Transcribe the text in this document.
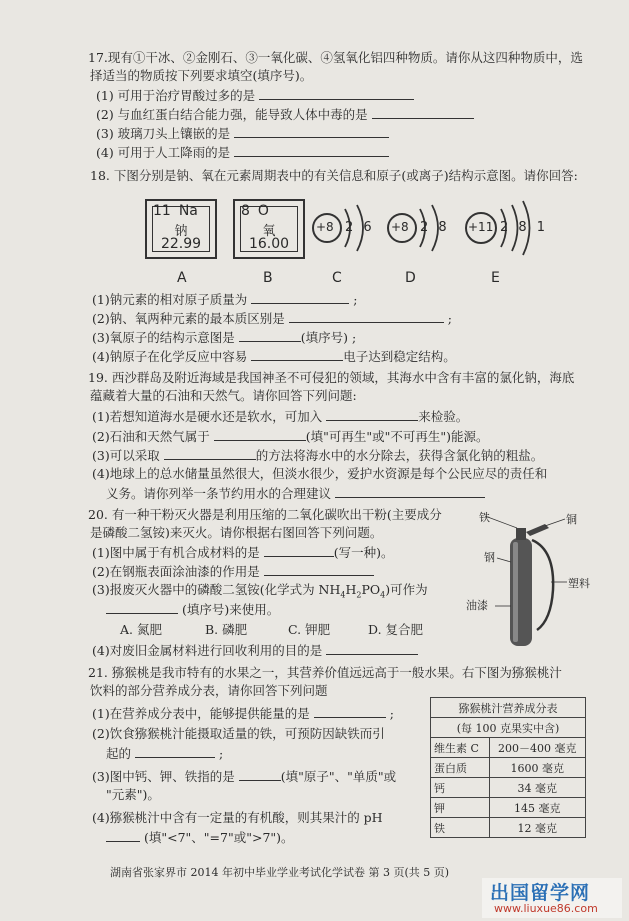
17.现有①干冰、②金刚石、③一氧化碳、④氢氧化铝四种物质。请你从这四种物质中，选
择适当的物质按下列要求填空(填序号)。
(1) 可用于治疗胃酸过多的是
(2) 与血红蛋白结合能力强，能导致人体中毒的是
(3) 玻璃刀头上镶嵌的是
(4) 可用于人工降雨的是
18. 下图分别是钠、氧在元素周期表中的有关信息和原子(或离子)结构示意图。请你回答:
11 Na
钠
22.99
8 O
氧
16.00
+8 2 6 +8 2 8 +11 2 8 1
A	B	C	D	E
(1)钠元素的相对原子质量为	;
(2)钠、氧两种元素的最本质区别是	;
(3)氧原子的结构示意图是	(填序号) ;
(4)钠原子在化学反应中容易	电子达到稳定结构。
19. 西沙群岛及附近海域是我国神圣不可侵犯的领域，其海水中含有丰富的氯化钠，海底
蕴藏着大量的石油和天然气。请你回答下列问题:
(1)若想知道海水是硬水还是软水，可加入	来检验。
(2)石油和天然气属于	(填"可再生"或"不可再生")能源。
(3)可以采取	的方法将海水中的水分除去，获得含氯化钠的粗盐。
(4)地球上的总水储量虽然很大，但淡水很少，爱护水资源是每个公民应尽的责任和
义务。请你列举一条节约用水的合理建议
20. 有一种干粉灭火器是利用压缩的二氧化碳吹出干粉(主要成分
是磷酸二氢铵)来灭火。请你根据右图回答下列问题。
(1)图中属于有机合成材料的是	(写一种)。
(2)在钢瓶表面涂油漆的作用是
(3)报废灭火器中的磷酸二氢铵(化学式为 $NH_4H_2PO_4$)可作为
(填序号)来使用。
A. 氮肥	B. 磷肥	C. 钾肥	D. 复合肥
(4)对废旧金属材料进行回收利用的目的是
铁	铜
钢
塑料
油漆
21. 猕猴桃是我市特有的水果之一，其营养价值远远高于一般水果。右下图为猕猴桃汁
饮料的部分营养成分表，请你回答下列问题
(1)在营养成分表中，能够提供能量的是	;
(2)饮食猕猴桃汁能摄取适量的铁，可预防因缺铁而引
起的	;
(3)图中钙、钾、铁指的是	(填"原子"、"单质"或
"元素")。
(4)猕猴桃汁中含有一定量的有机酸，则其果汁的 pH
(填"<7"、"=7"或">7")。
猕猴桃汁营养成分表	
(每 100 克果实中含)	
维生素 C	200－400 毫克
蛋白质	1600 毫克
钙	34 毫克
钾	145 毫克
铁	12 毫克
湖南省张家界市 2014 年初中毕业学业考试化学试卷 第 3 页(共 5 页)
出国留学网
www.liuxue86.com
